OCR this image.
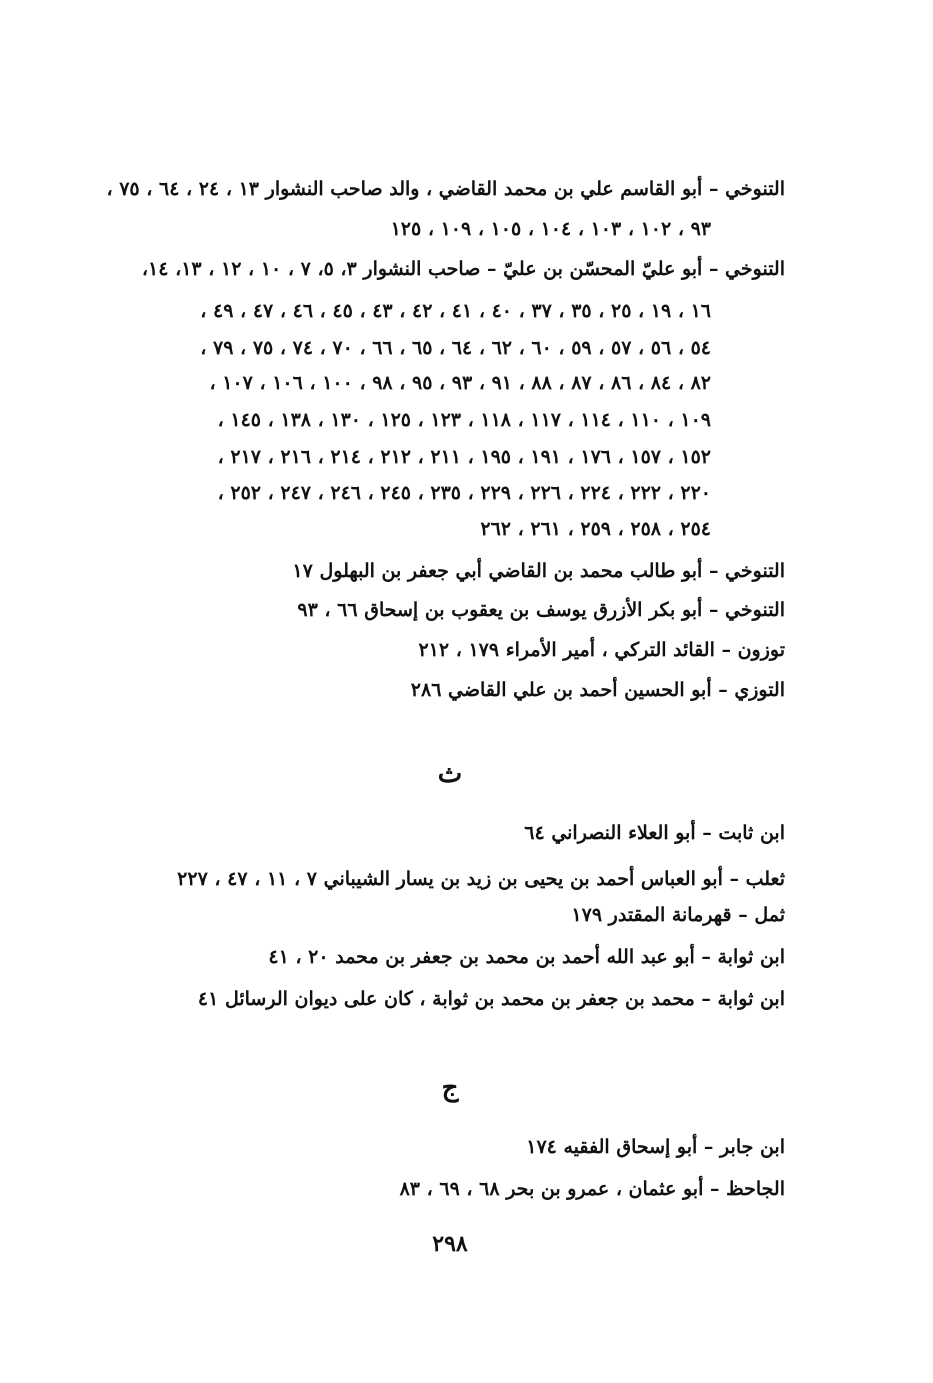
التنوخي – أبو القاسم علي بن محمد القاضي ، والد صاحب النشوار ١٣ ، ٢٤ ، ٦٤ ، ٧٥ ،
٩٣ ، ١٠٢ ، ١٠٣ ، ١٠٤ ، ١٠٥ ، ١٠٩ ، ١٢٥
التنوخي – أبو عليّ المحسّن بن عليّ – صاحب النشوار ٣، ٥، ٧ ، ١٠ ، ١٢ ، ١٣، ١٤،
١٦ ، ١٩ ، ٢٥ ، ٣٥ ، ٣٧ ، ٤٠ ، ٤١ ، ٤٢ ، ٤٣ ، ٤٥ ، ٤٦ ، ٤٧ ، ٤٩ ،
٥٤ ، ٥٦ ، ٥٧ ، ٥٩ ، ٦٠ ، ٦٢ ، ٦٤ ، ٦٥ ، ٦٦ ، ٧٠ ، ٧٤ ، ٧٥ ، ٧٩ ،
٨٢ ، ٨٤ ، ٨٦ ، ٨٧ ، ٨٨ ، ٩١ ، ٩٣ ، ٩٥ ، ٩٨ ، ١٠٠ ، ١٠٦ ، ١٠٧ ،
١٠٩ ، ١١٠ ، ١١٤ ، ١١٧ ، ١١٨ ، ١٢٣ ، ١٢٥ ، ١٣٠ ، ١٣٨ ، ١٤٥ ،
١٥٢ ، ١٥٧ ، ١٧٦ ، ١٩١ ، ١٩٥ ، ٢١١ ، ٢١٢ ، ٢١٤ ، ٢١٦ ، ٢١٧ ،
٢٢٠ ، ٢٢٢ ، ٢٢٤ ، ٢٢٦ ، ٢٢٩ ، ٢٣٥ ، ٢٤٥ ، ٢٤٦ ، ٢٤٧ ، ٢٥٢ ،
٢٥٤ ، ٢٥٨ ، ٢٥٩ ، ٢٦١ ، ٢٦٢
التنوخي – أبو طالب محمد بن القاضي أبي جعفر بن البهلول ١٧
التنوخي – أبو بكر الأزرق يوسف بن يعقوب بن إسحاق ٦٦ ، ٩٣
توزون – القائد التركي ، أمير الأمراء ١٧٩ ، ٢١٢
التوزي – أبو الحسين أحمد بن علي القاضي ٢٨٦
ث
ابن ثابت – أبو العلاء النصراني ٦٤
ثعلب – أبو العباس أحمد بن يحيى بن زيد بن يسار الشيباني ٧ ، ١١ ، ٤٧ ، ٢٢٧
ثمل – قهرمانة المقتدر ١٧٩
ابن ثوابة – أبو عبد الله أحمد بن محمد بن جعفر بن محمد ٢٠ ، ٤١
ابن ثوابة – محمد بن جعفر بن محمد بن ثوابة ، كان على ديوان الرسائل ٤١
ج
ابن جابر – أبو إسحاق الفقيه ١٧٤
الجاحظ – أبو عثمان ، عمرو بن بحر ٦٨ ، ٦٩ ، ٨٣
٢٩٨
